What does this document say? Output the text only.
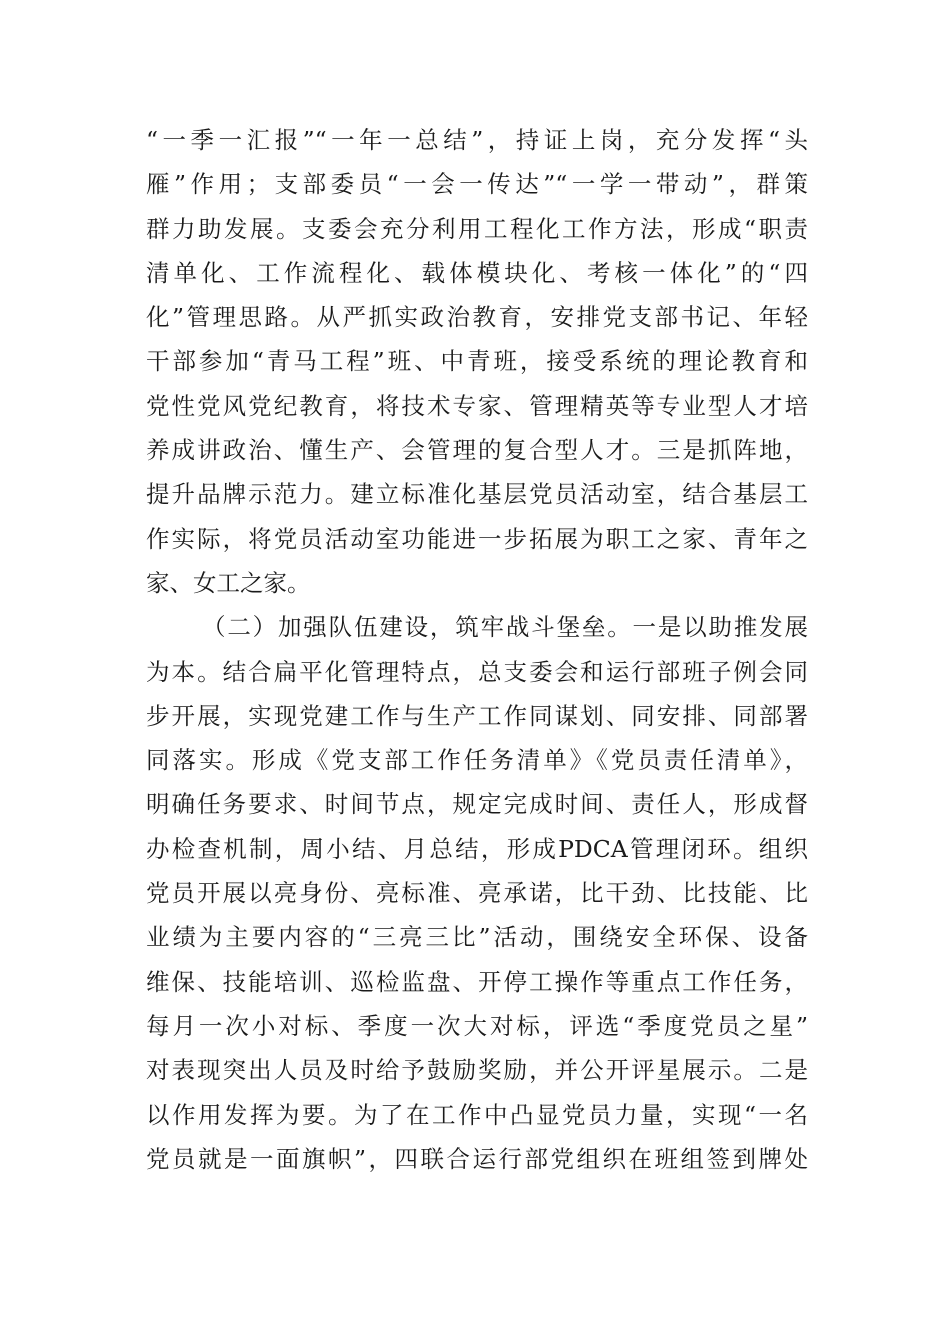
“一季一汇报”“一年一总结”，持证上岗，充分发挥“头
雁”作用；支部委员“一会一传达”“一学一带动”，群策
群力助发展。支委会充分利用工程化工作方法，形成“职责
清单化、工作流程化、载体模块化、考核一体化”的“四
化”管理思路。从严抓实政治教育，安排党支部书记、年轻
干部参加“青马工程”班、中青班，接受系统的理论教育和
党性党风党纪教育，将技术专家、管理精英等专业型人才培
养成讲政治、懂生产、会管理的复合型人才。三是抓阵地，
提升品牌示范力。建立标准化基层党员活动室，结合基层工
作实际，将党员活动室功能进一步拓展为职工之家、青年之
家、女工之家。
（二）加强队伍建设，筑牢战斗堡垒。一是以助推发展
为本。结合扁平化管理特点，总支委会和运行部班子例会同
步开展，实现党建工作与生产工作同谋划、同安排、同部署
同落实。形成《党支部工作任务清单》《党员责任清单》，
明确任务要求、时间节点，规定完成时间、责任人，形成督
办检查机制，周小结、月总结，形成PDCA管理闭环。组织
党员开展以亮身份、亮标准、亮承诺，比干劲、比技能、比
业绩为主要内容的“三亮三比”活动，围绕安全环保、设备
维保、技能培训、巡检监盘、开停工操作等重点工作任务，
每月一次小对标、季度一次大对标，评选“季度党员之星”
对表现突出人员及时给予鼓励奖励，并公开评星展示。二是
以作用发挥为要。为了在工作中凸显党员力量，实现“一名
党员就是一面旗帜”，四联合运行部党组织在班组签到牌处
